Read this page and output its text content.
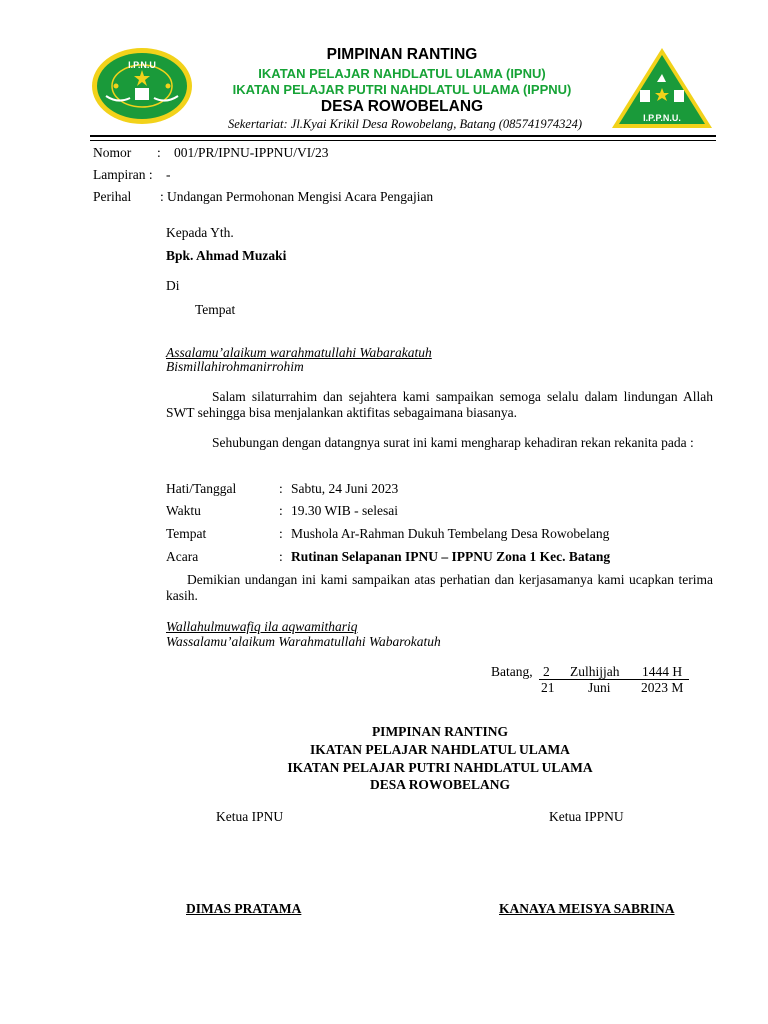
I.P.N.U
PIMPINAN RANTING
IKATAN PELAJAR NAHDLATUL ULAMA (IPNU)
IKATAN PELAJAR PUTRI NAHDLATUL ULAMA (IPPNU)
DESA ROWOBELANG
Sekertariat: Jl.Kyai Krikil Desa Rowobelang, Batang (085741974324)	I.P.P.N.U.
Nomor : 001/PR/IPNU-IPPNU/VI/23
Lampiran : -
Perihal : Undangan Permohonan Mengisi Acara Pengajian
Kepada Yth.
Bpk. Ahmad Muzaki
Di
Tempat
Assalamu’alaikum warahmatullahi Wabarakatuh
Bismillahirohmanirrohim
Salam silaturrahim dan sejahtera kami sampaikan semoga selalu dalam lindungan Allah SWT sehingga bisa menjalankan aktifitas sebagaimana biasanya.
Sehubungan dengan datangnya surat ini kami mengharap kehadiran rekan rekanita pada :
Hati/Tanggal	: Sabtu, 24 Juni 2023
Waktu	: 19.30 WIB - selesai
Tempat	: Mushola Ar-Rahman Dukuh Tembelang Desa Rowobelang
Acara	: Rutinan Selapanan IPNU – IPPNU Zona 1 Kec. Batang
Demikian undangan ini kami sampaikan atas perhatian dan kerjasamanya kami ucapkan terima kasih.
Wallahulmuwafiq ila aqwamithariq
Wassalamu’alaikum Warahmatullahi Wabarokatuh
Batang, 2 Zulhijjah 1444 H
21 Juni 2023 M
PIMPINAN RANTING
IKATAN PELAJAR NAHDLATUL ULAMA
IKATAN PELAJAR PUTRI NAHDLATUL ULAMA
DESA ROWOBELANG
Ketua IPNU	Ketua IPPNU
DIMAS PRATAMA	KANAYA MEISYA SABRINA
